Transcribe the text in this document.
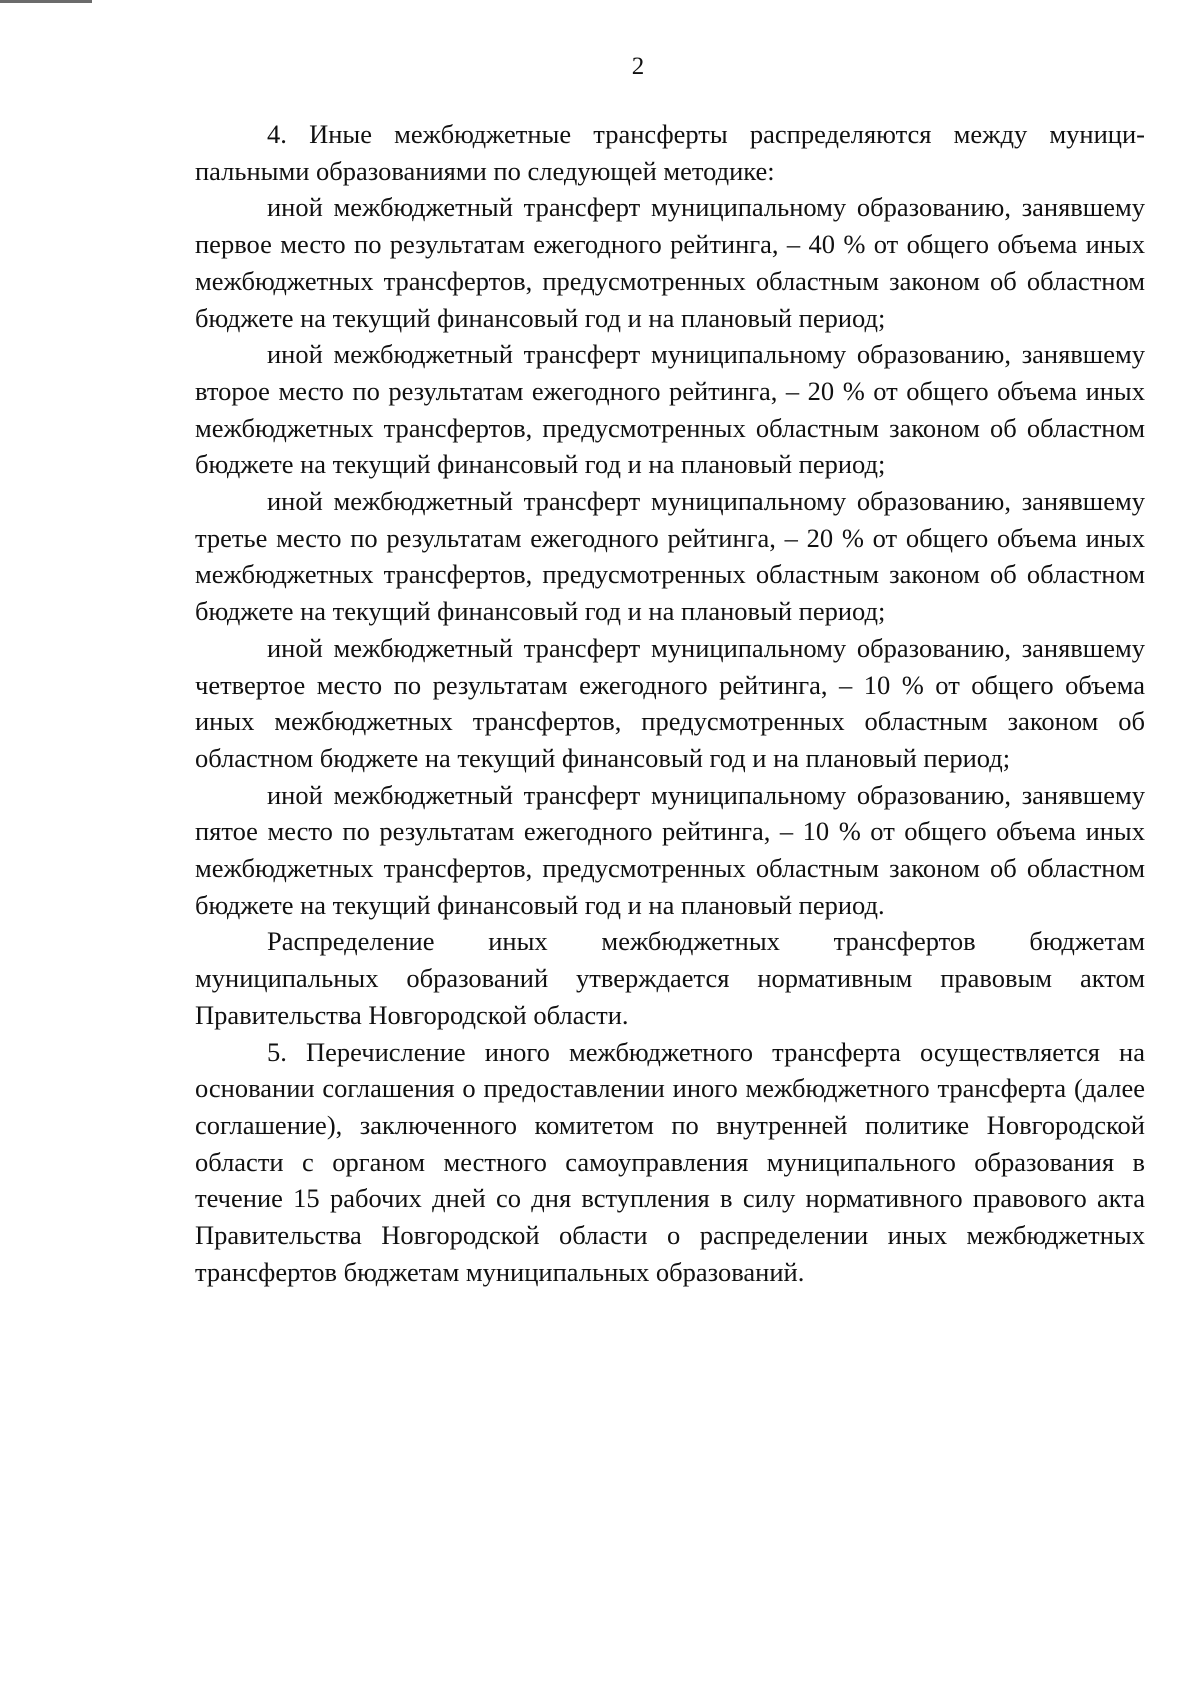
2

4. Иные межбюджетные трансферты распределяются между муниципальными образованиями по следующей методике:

иной межбюджетный трансферт муниципальному образованию, занявшему первое место по результатам ежегодного рейтинга, – 40 % от общего объема иных межбюджетных трансфертов, предусмотренных областным законом об областном бюджете на текущий финансовый год и на плановый период;

иной межбюджетный трансферт муниципальному образованию, занявшему второе место по результатам ежегодного рейтинга, – 20 % от общего объема иных межбюджетных трансфертов, предусмотренных областным законом об областном бюджете на текущий финансовый год и на плановый период;

иной межбюджетный трансферт муниципальному образованию, занявшему третье место по результатам ежегодного рейтинга, – 20 % от общего объема иных межбюджетных трансфертов, предусмотренных областным законом об областном бюджете на текущий финансовый год и на плановый период;

иной межбюджетный трансферт муниципальному образованию, занявшему четвертое место по результатам ежегодного рейтинга, – 10 % от общего объема иных межбюджетных трансфертов, предусмотренных областным законом об областном бюджете на текущий финансовый год и на плановый период;

иной межбюджетный трансферт муниципальному образованию, занявшему пятое место по результатам ежегодного рейтинга, – 10 % от общего объема иных межбюджетных трансфертов, предусмотренных областным законом об областном бюджете на текущий финансовый год и на плановый период.

Распределение иных межбюджетных трансфертов бюджетам муниципальных образований утверждается нормативным правовым актом Правительства Новгородской области.

5. Перечисление иного межбюджетного трансферта осуществляется на основании соглашения о предоставлении иного межбюджетного трансферта (далее соглашение), заключенного комитетом по внутренней политике Новгородской области с органом местного самоуправления муниципального образования в течение 15 рабочих дней со дня вступления в силу нормативного правового акта Правительства Новгородской области о распределении иных межбюджетных трансфертов бюджетам муниципальных образований.
